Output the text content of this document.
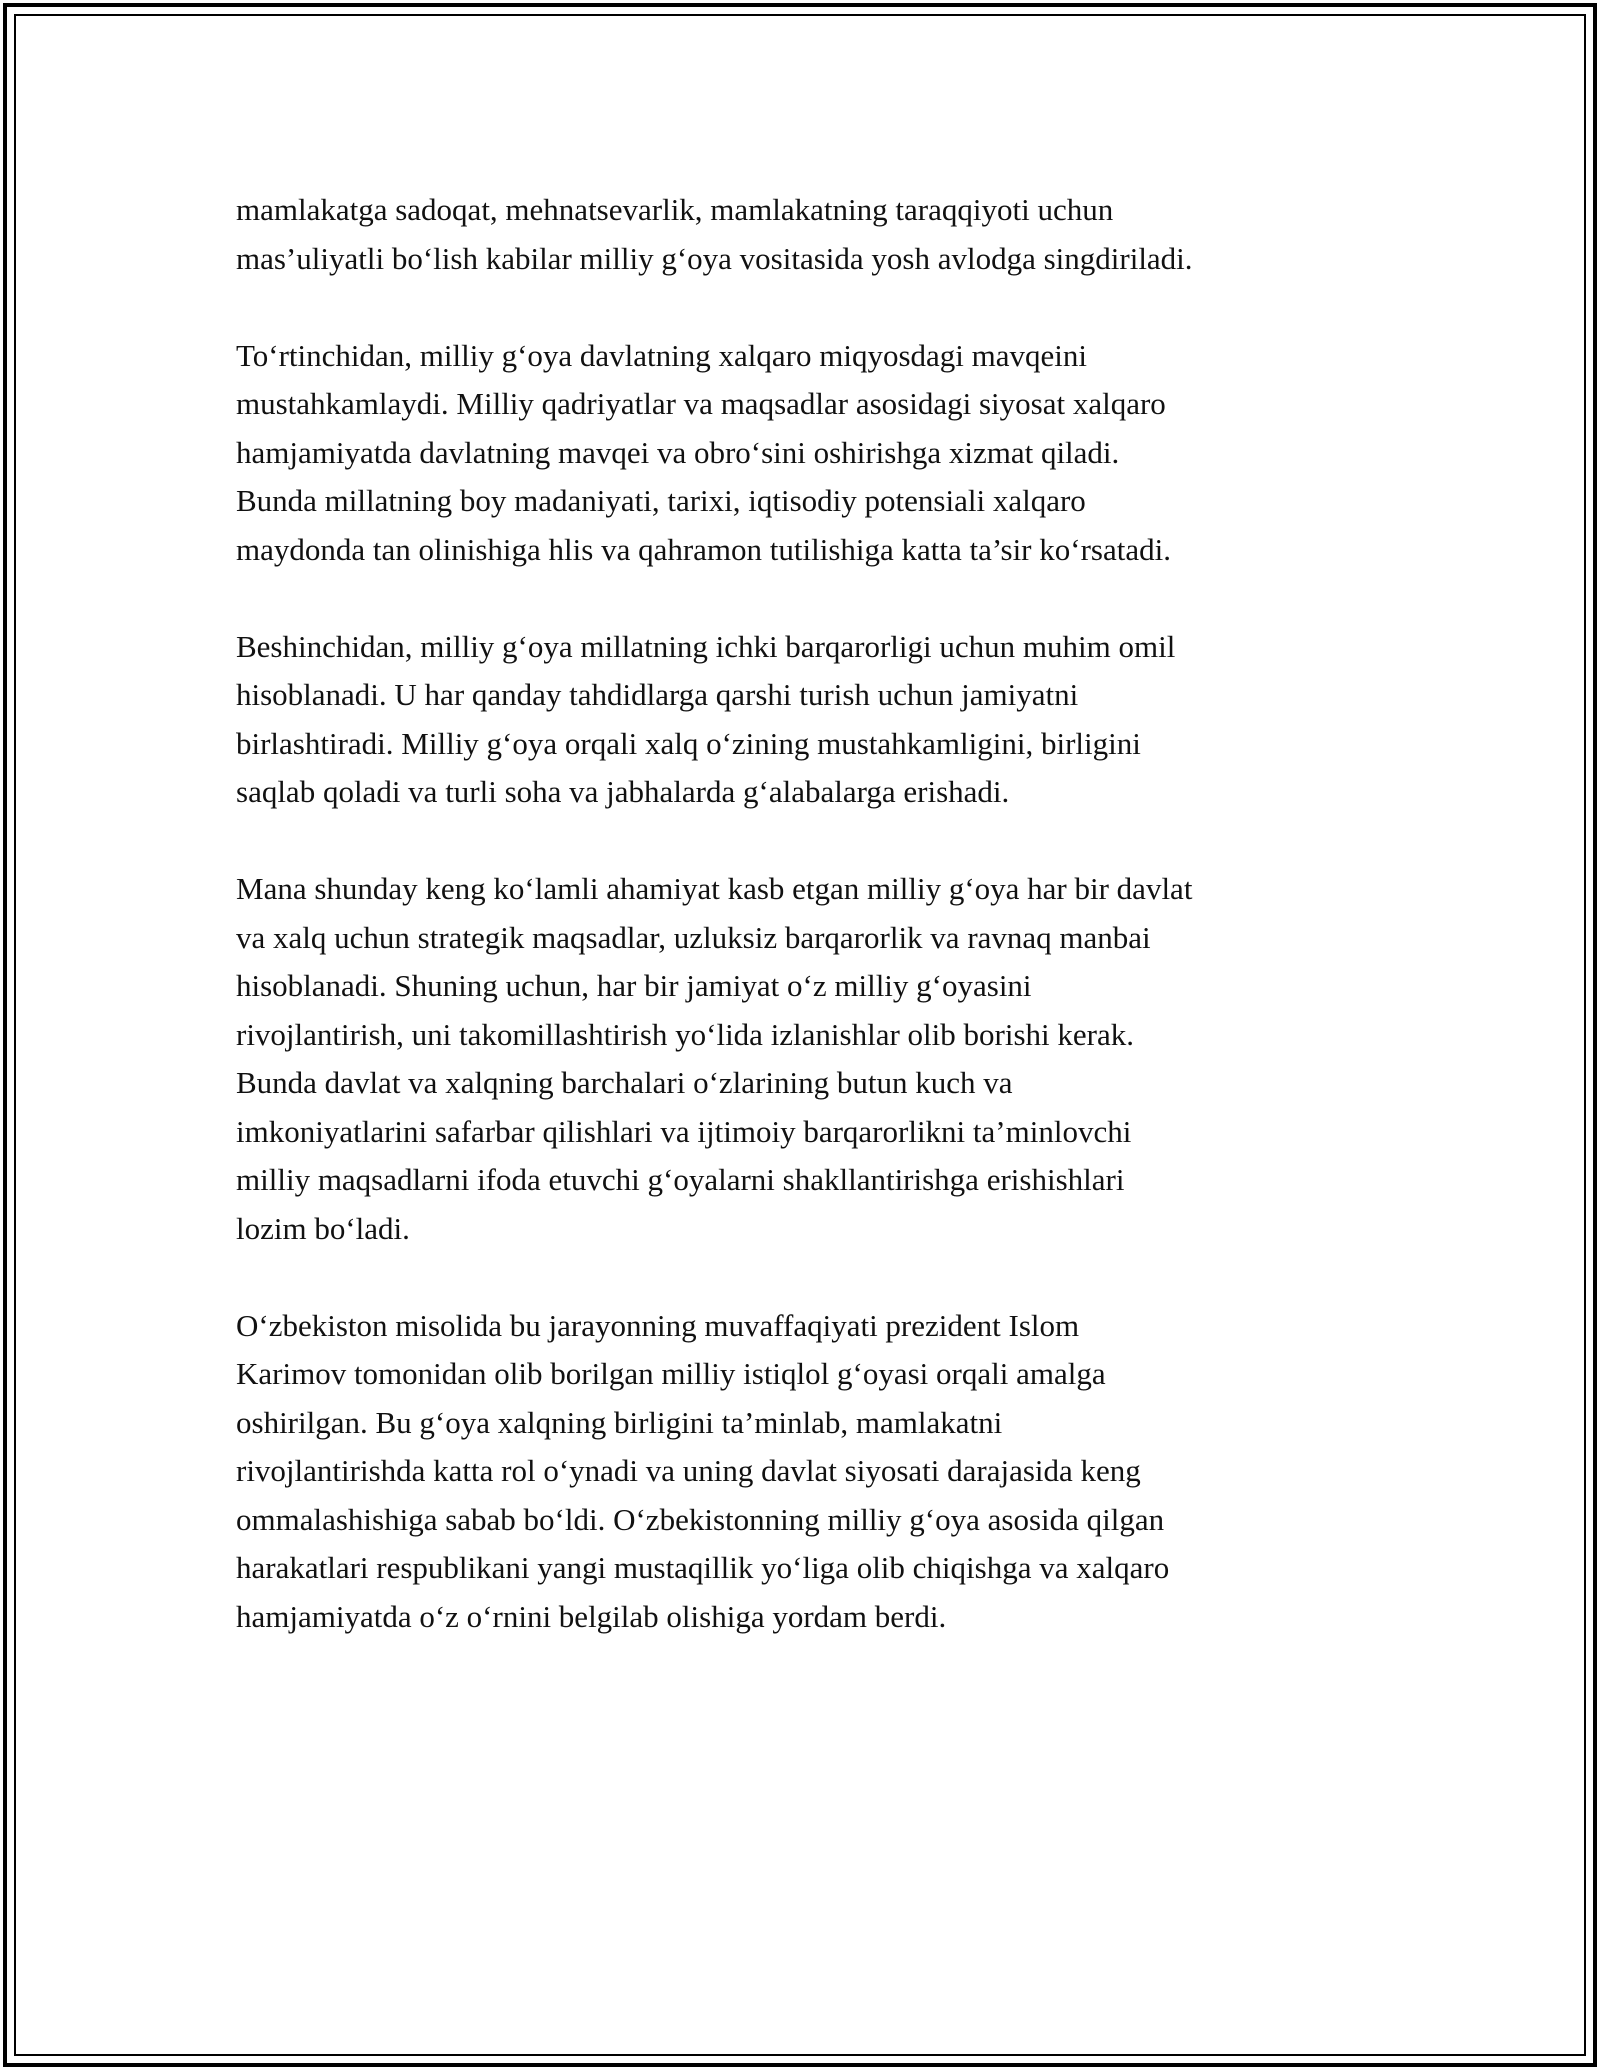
mamlakatga sadoqat, mehnatsevarlik, mamlakatning taraqqiyoti uchun
mas’uliyatli bo‘lish kabilar milliy g‘oya vositasida yosh avlodga singdiriladi.

To‘rtinchidan, milliy g‘oya davlatning xalqaro miqyosdagi mavqeini
mustahkamlaydi. Milliy qadriyatlar va maqsadlar asosidagi siyosat xalqaro
hamjamiyatda davlatning mavqei va obro‘sini oshirishga xizmat qiladi.
Bunda millatning boy madaniyati, tarixi, iqtisodiy potensiali xalqaro
maydonda tan olinishiga hlis va qahramon tutilishiga katta ta’sir ko‘rsatadi.

Beshinchidan, milliy g‘oya millatning ichki barqarorligi uchun muhim omil
hisoblanadi. U har qanday tahdidlarga qarshi turish uchun jamiyatni
birlashtiradi. Milliy g‘oya orqali xalq o‘zining mustahkamligini, birligini
saqlab qoladi va turli soha va jabhalarda g‘alabalarga erishadi.

Mana shunday keng ko‘lamli ahamiyat kasb etgan milliy g‘oya har bir davlat
va xalq uchun strategik maqsadlar, uzluksiz barqarorlik va ravnaq manbai
hisoblanadi. Shuning uchun, har bir jamiyat o‘z milliy g‘oyasini
rivojlantirish, uni takomillashtirish yo‘lida izlanishlar olib borishi kerak.
Bunda davlat va xalqning barchalari o‘zlarining butun kuch va
imkoniyatlarini safarbar qilishlari va ijtimoiy barqarorlikni ta’minlovchi
milliy maqsadlarni ifoda etuvchi g‘oyalarni shakllantirishga erishishlari
lozim bo‘ladi.

O‘zbekiston misolida bu jarayonning muvaffaqiyati prezident Islom
Karimov tomonidan olib borilgan milliy istiqlol g‘oyasi orqali amalga
oshirilgan. Bu g‘oya xalqning birligini ta’minlab, mamlakatni
rivojlantirishda katta rol o‘ynadi va uning davlat siyosati darajasida keng
ommalashishiga sabab bo‘ldi. O‘zbekistonning milliy g‘oya asosida qilgan
harakatlari respublikani yangi mustaqillik yo‘liga olib chiqishga va xalqaro
hamjamiyatda o‘z o‘rnini belgilab olishiga yordam berdi.
